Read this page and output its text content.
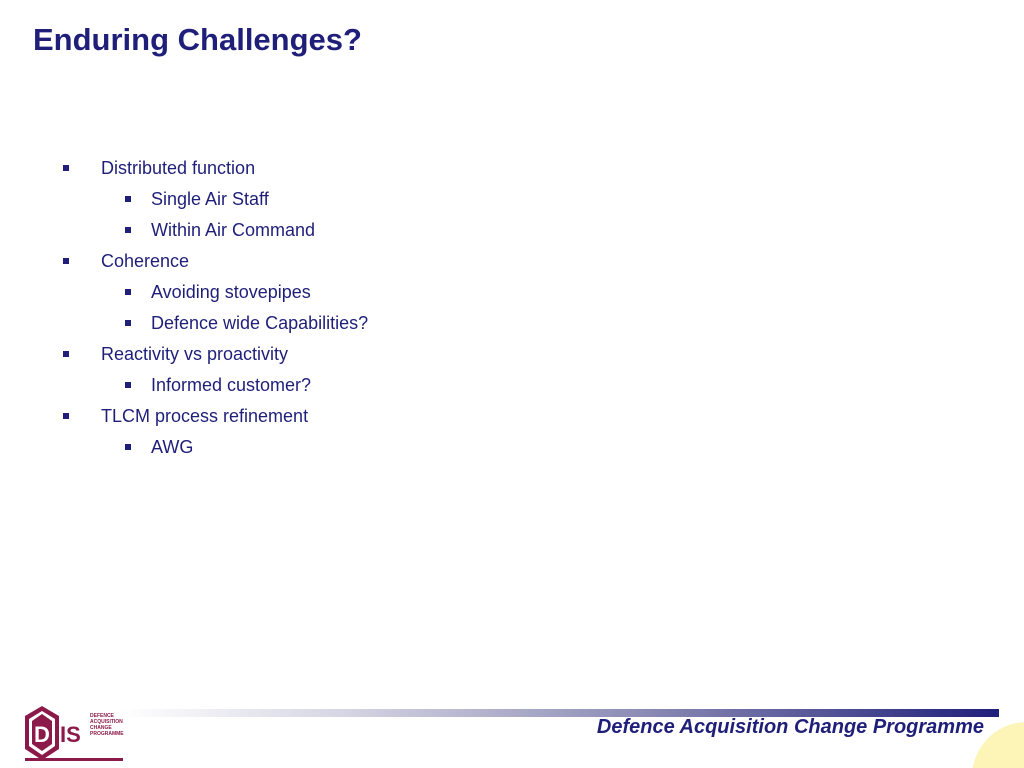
Enduring Challenges?
Distributed function
Single Air Staff
Within Air Command
Coherence
Avoiding stovepipes
Defence wide Capabilities?
Reactivity vs proactivity
Informed customer?
TLCM process refinement
AWG
Defence Acquisition Change Programme
D IS
DEFENCE
ACQUISITION
CHANGE
PROGRAMME
